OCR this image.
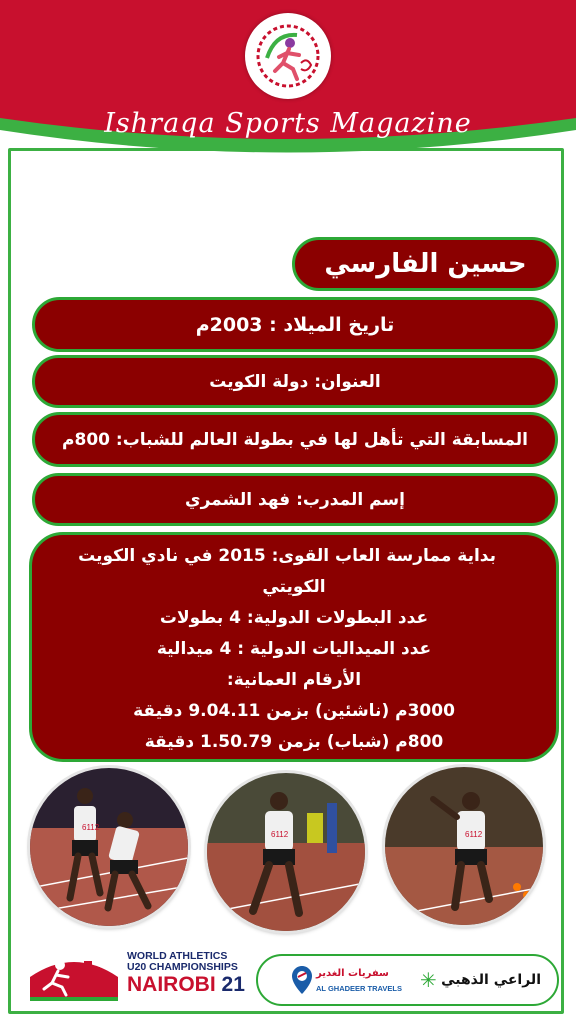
Ishraqa Sports Magazine
حسين الفارسي
تاريخ الميلاد : 2003م
العنوان: دولة الكويت
المسابقة التي تأهل لها في بطولة العالم للشباب: 800م
إسم المدرب: فهد الشمري
بداية ممارسة العاب القوى: 2015 في نادي الكويت
الكويتي
عدد البطولات الدولية: 4 بطولات
عدد الميداليات الدولية : 4 ميدالية
الأرقام العمانية:
3000م (ناشئين) بزمن 9.04.11 دقيقة
800م (شباب) بزمن 1.50.79 دقيقة
6112
6112	6112
WORLD ATHLETICS
U20 CHAMPIONSHIPS
NAIROBI 21	سفريات الغدير
AL GHADEER TRAVELS ✳ الراعي الذهبي
